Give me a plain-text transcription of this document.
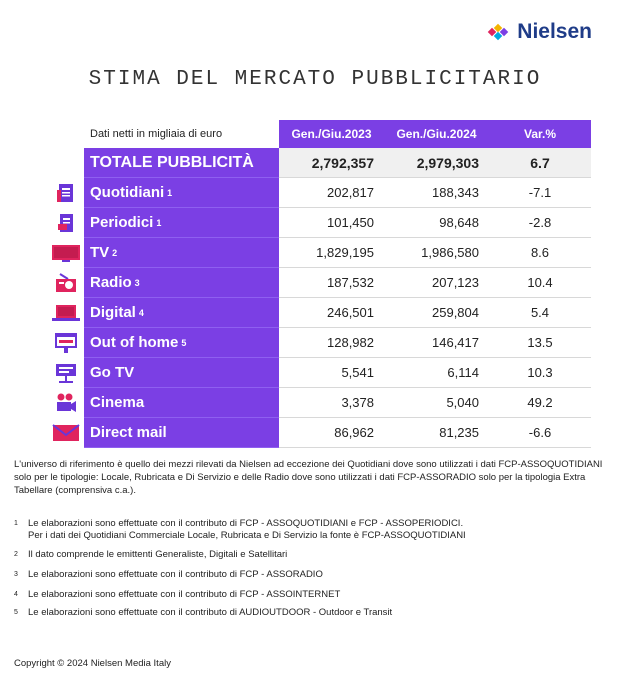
Nielsen
STIMA DEL MERCATO PUBBLICITARIO
Dati netti in migliaia di euro	Gen./Giu.2023	Gen./Giu.2024	Var.%
TOTALE PUBBLICITÀ	2,792,357	2,979,303	6.7
Quotidiani 1	202,817	188,343	-7.1
Periodici 1	101,450	98,648	-2.8
TV 2	1,829,195	1,986,580	8.6
Radio 3	187,532	207,123	10.4
Digital 4	246,501	259,804	5.4
Out of home 5	128,982	146,417	13.5
Go TV	5,541	6,114	10.3
Cinema	3,378	5,040	49.2
Direct mail	86,962	81,235	-6.6
L'universo di riferimento è quello dei mezzi rilevati da Nielsen ad eccezione dei Quotidiani dove sono utilizzati i dati FCP-ASSOQUOTIDIANI solo per le tipologie: Locale, Rubricata e Di Servizio e delle Radio dove sono utilizzati i dati FCP-ASSORADIO solo per la tipologia Extra Tabellare (comprensiva c.a.).
1 Le elaborazioni sono effettuate con il contributo di FCP - ASSOQUOTIDIANI e FCP - ASSOPERIODICI.
Per i dati dei Quotidiani Commerciale Locale, Rubricata e Di Servizio la fonte è FCP-ASSOQUOTIDIANI
2 Il dato comprende le emittenti Generaliste, Digitali e Satellitari
3 Le elaborazioni sono effettuate con il contributo di FCP - ASSORADIO
4 Le elaborazioni sono effettuate con il contributo di FCP - ASSOINTERNET
5 Le elaborazioni sono effettuate con il contributo di AUDIOUTDOOR - Outdoor e Transit
Copyright © 2024 Nielsen Media Italy
